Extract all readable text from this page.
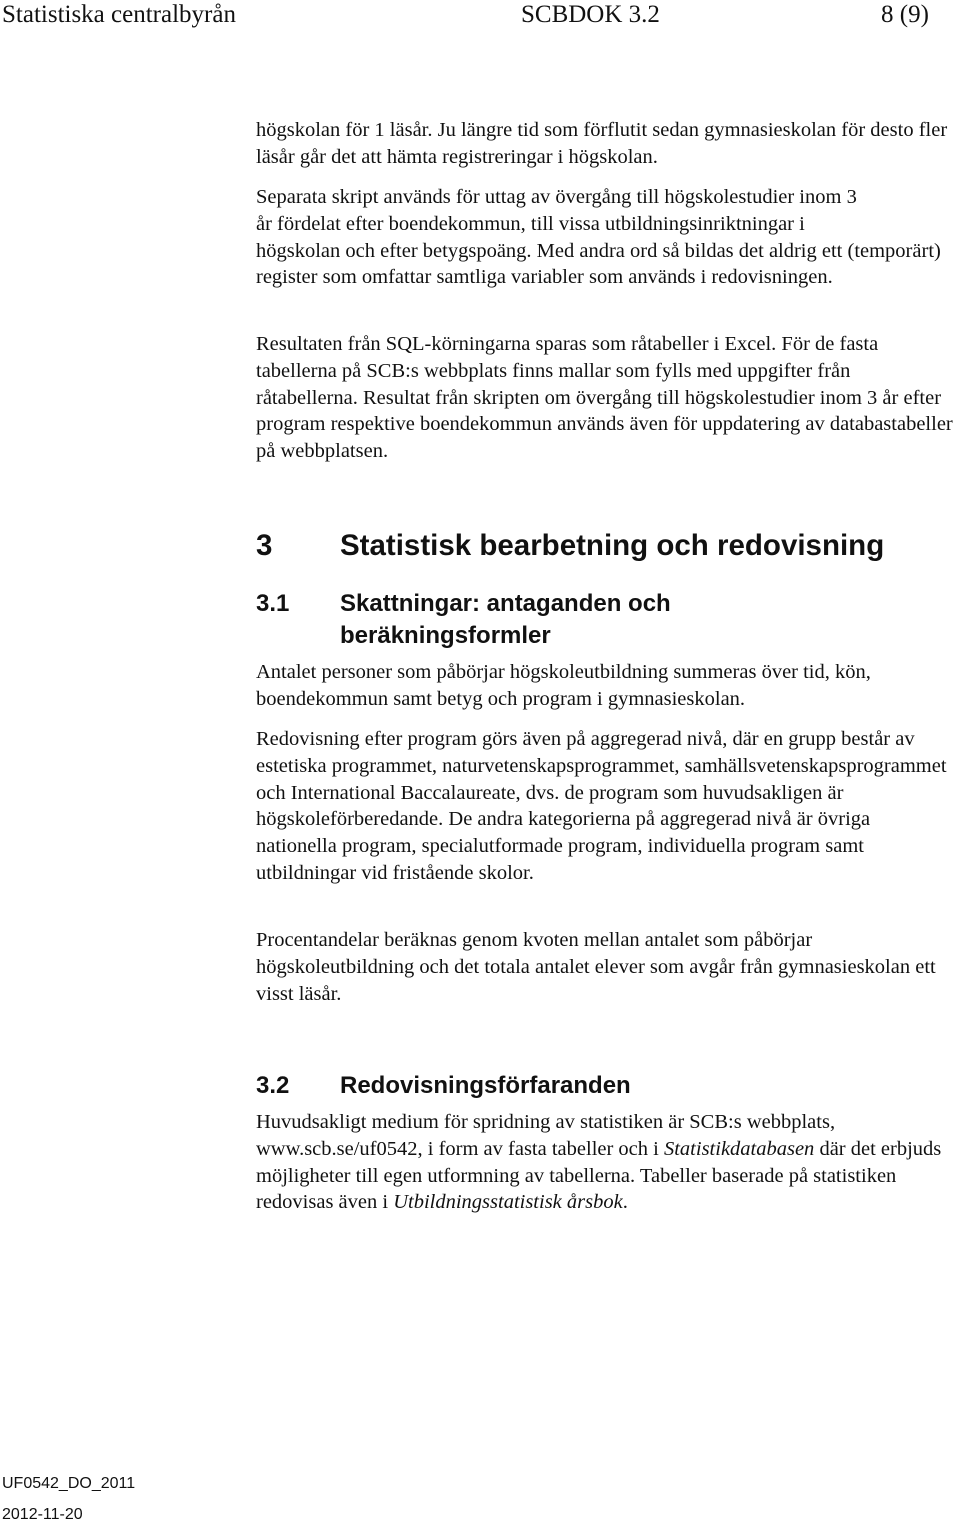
Statistiska centralbyrån	SCBDOK 3.2	8 (9)

högskolan för 1 läsår. Ju längre tid som förflutit sedan gymnasieskolan för desto fler läsår går det att hämta registreringar i högskolan.

Separata skript används för uttag av övergång till högskolestudier inom 3
år fördelat efter boendekommun, till vissa utbildningsinriktningar i
högskolan och efter betygspoäng. Med andra ord så bildas det aldrig ett (temporärt) register som omfattar samtliga variabler som används i redovisningen.

Resultaten från SQL-körningarna sparas som råtabeller i Excel. För de fasta tabellerna på SCB:s webbplats finns mallar som fylls med uppgifter från råtabellerna. Resultat från skripten om övergång till högskolestudier inom 3 år efter program respektive boendekommun används även för uppdatering av databastabeller på webbplatsen.

3 Statistisk bearbetning och redovisning
3.1 Skattningar: antaganden och beräkningsformler

Antalet personer som påbörjar högskoleutbildning summeras över tid, kön, boendekommun samt betyg och program i gymnasieskolan.

Redovisning efter program görs även på aggregerad nivå, där en grupp består av estetiska programmet, naturvetenskapsprogrammet, samhällsvetenskapsprogrammet och International Baccalaureate, dvs. de program som huvudsakligen är högskoleförberedande. De andra kategorierna på aggregerad nivå är övriga nationella program, specialutformade program, individuella program samt utbildningar vid fristående skolor.

Procentandelar beräknas genom kvoten mellan antalet som påbörjar högskoleutbildning och det totala antalet elever som avgår från gymnasieskolan ett visst läsår.

3.2 Redovisningsförfaranden

Huvudsakligt medium för spridning av statistiken är SCB:s webbplats, www.scb.se/uf0542, i form av fasta tabeller och i Statistikdatabasen där det erbjuds möjligheter till egen utformning av tabellerna. Tabeller baserade på statistiken redovisas även i Utbildningsstatistisk årsbok.

UF0542_DO_2011
2012-11-20
